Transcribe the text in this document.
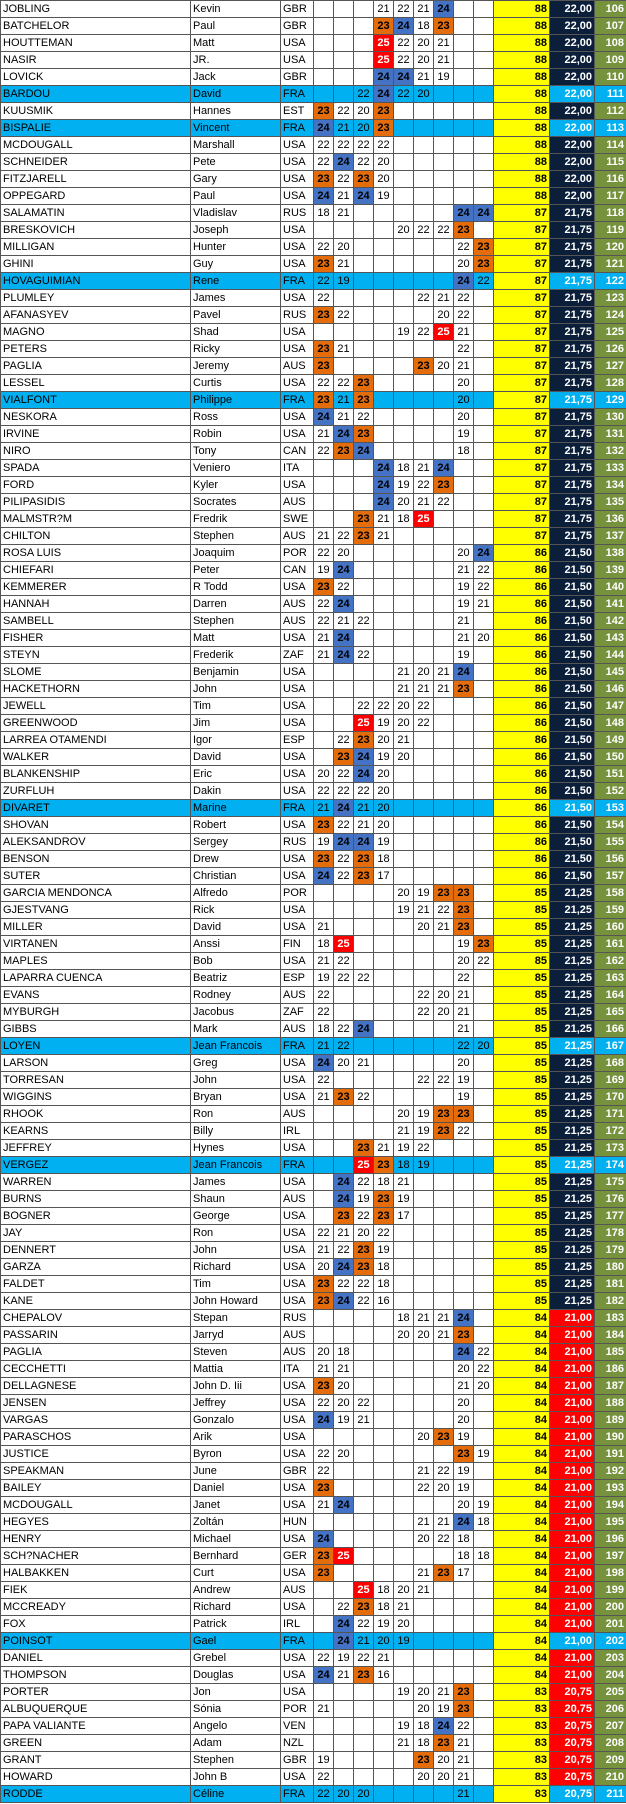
JOBLING	Kevin	GBR				21	22	21	24			88	22,00	106
BATCHELOR	Paul	GBR				23	24	18	23			88	22,00	107
HOUTTEMAN	Matt	USA				25	22	20	21			88	22,00	108
NASIR	JR.	USA				25	22	20	21			88	22,00	109
LOVICK	Jack	GBR				24	24	21	19			88	22,00	110
BARDOU	David	FRA			22	24	22	20				88	22,00	111
KUUSMIK	Hannes	EST	23	22	20	23						88	22,00	112
BISPALIE	Vincent	FRA	24	21	20	23						88	22,00	113
MCDOUGALL	Marshall	USA	22	22	22	22						88	22,00	114
SCHNEIDER	Pete	USA	22	24	22	20						88	22,00	115
FITZJARELL	Gary	USA	23	22	23	20						88	22,00	116
OPPEGARD	Paul	USA	24	21	24	19						88	22,00	117
SALAMATIN	Vladislav	RUS	18	21						24	24	87	21,75	118
BRESKOVICH	Joseph	USA					20	22	22	23		87	21,75	119
MILLIGAN	Hunter	USA	22	20						22	23	87	21,75	120
GHINI	Guy	USA	23	21						20	23	87	21,75	121
HOVAGUIMIAN	Rene	FRA	22	19						24	22	87	21,75	122
PLUMLEY	James	USA	22					22	21	22		87	21,75	123
AFANASYEV	Pavel	RUS	23	22					20	22		87	21,75	124
MAGNO	Shad	USA					19	22	25	21		87	21,75	125
PETERS	Ricky	USA	23	21						22		87	21,75	126
PAGLIA	Jeremy	AUS	23					23	20	21		87	21,75	127
LESSEL	Curtis	USA	22	22	23					20		87	21,75	128
VIALFONT	Philippe	FRA	23	21	23					20		87	21,75	129
NESKORA	Ross	USA	24	21	22					20		87	21,75	130
IRVINE	Robin	USA	21	24	23					19		87	21,75	131
NIRO	Tony	CAN	22	23	24					18		87	21,75	132
SPADA	Veniero	ITA				24	18	21	24			87	21,75	133
FORD	Kyler	USA				24	19	22	23			87	21,75	134
PILIPASIDIS	Socrates	AUS				24	20	21	22			87	21,75	135
MALMSTR?M	Fredrik	SWE			23	21	18	25				87	21,75	136
CHILTON	Stephen	AUS	21	22	23	21						87	21,75	137
ROSA LUIS	Joaquim	POR	22	20						20	24	86	21,50	138
CHIEFARI	Peter	CAN	19	24						21	22	86	21,50	139
KEMMERER	R Todd	USA	23	22						19	22	86	21,50	140
HANNAH	Darren	AUS	22	24						19	21	86	21,50	141
SAMBELL	Stephen	AUS	22	21	22					21		86	21,50	142
FISHER	Matt	USA	21	24						21	20	86	21,50	143
STEYN	Frederik	ZAF	21	24	22					19		86	21,50	144
SLOME	Benjamin	USA					21	20	21	24		86	21,50	145
HACKETHORN	John	USA					21	21	21	23		86	21,50	146
JEWELL	Tim	USA			22	22	20	22				86	21,50	147
GREENWOOD	Jim	USA			25	19	20	22				86	21,50	148
LARREA OTAMENDI	Igor	ESP		22	23	20	21					86	21,50	149
WALKER	David	USA		23	24	19	20					86	21,50	150
BLANKENSHIP	Eric	USA	20	22	24	20						86	21,50	151
ZURFLUH	Dakin	USA	22	22	22	20						86	21,50	152
DIVARET	Marine	FRA	21	24	21	20						86	21,50	153
SHOVAN	Robert	USA	23	22	21	20						86	21,50	154
ALEKSANDROV	Sergey	RUS	19	24	24	19						86	21,50	155
BENSON	Drew	USA	23	22	23	18						86	21,50	156
SUTER	Christian	USA	24	22	23	17						86	21,50	157
GARCIA MENDONCA	Alfredo	POR					20	19	23	23		85	21,25	158
GJESTVANG	Rick	USA					19	21	22	23		85	21,25	159
MILLER	David	USA	21					20	21	23		85	21,25	160
VIRTANEN	Anssi	FIN	18	25						19	23	85	21,25	161
MAPLES	Bob	USA	21	22						20	22	85	21,25	162
LAPARRA CUENCA	Beatriz	ESP	19	22	22					22		85	21,25	163
EVANS	Rodney	AUS	22					22	20	21		85	21,25	164
MYBURGH	Jacobus	ZAF	22					22	20	21		85	21,25	165
GIBBS	Mark	AUS	18	22	24					21		85	21,25	166
LOYEN	Jean Francois	FRA	21	22						22	20	85	21,25	167
LARSON	Greg	USA	24	20	21					20		85	21,25	168
TORRESAN	John	USA	22					22	22	19		85	21,25	169
WIGGINS	Bryan	USA	21	23	22					19		85	21,25	170
RHOOK	Ron	AUS					20	19	23	23		85	21,25	171
KEARNS	Billy	IRL					21	19	23	22		85	21,25	172
JEFFREY	Hynes	USA			23	21	19	22				85	21,25	173
VERGEZ	Jean Francois	FRA			25	23	18	19				85	21,25	174
WARREN	James	USA		24	22	18	21					85	21,25	175
BURNS	Shaun	AUS		24	19	23	19					85	21,25	176
BOGNER	George	USA		23	22	23	17					85	21,25	177
JAY	Ron	USA	22	21	20	22						85	21,25	178
DENNERT	John	USA	21	22	23	19						85	21,25	179
GARZA	Richard	USA	20	24	23	18						85	21,25	180
FALDET	Tim	USA	23	22	22	18						85	21,25	181
KANE	John Howard	USA	23	24	22	16						85	21,25	182
CHEPALOV	Stepan	RUS					18	21	21	24		84	21,00	183
PASSARIN	Jarryd	AUS					20	20	21	23		84	21,00	184
PAGLIA	Steven	AUS	20	18						24	22	84	21,00	185
CECCHETTI	Mattia	ITA	21	21						20	22	84	21,00	186
DELLAGNESE	John D. Iii	USA	23	20						21	20	84	21,00	187
JENSEN	Jeffrey	USA	22	20	22					20		84	21,00	188
VARGAS	Gonzalo	USA	24	19	21					20		84	21,00	189
PARASCHOS	Arik	USA						20	23	19		84	21,00	190
JUSTICE	Byron	USA	22	20						23	19	84	21,00	191
SPEAKMAN	June	GBR	22					21	22	19		84	21,00	192
BAILEY	Daniel	USA	23					22	20	19		84	21,00	193
MCDOUGALL	Janet	USA	21	24						20	19	84	21,00	194
HEGYES	Zoltán	HUN						21	21	24	18	84	21,00	195
HENRY	Michael	USA	24					20	22	18		84	21,00	196
SCH?NACHER	Bernhard	GER	23	25						18	18	84	21,00	197
HALBAKKEN	Curt	USA	23					21	23	17		84	21,00	198
FIEK	Andrew	AUS			25	18	20	21				84	21,00	199
MCCREADY	Richard	USA		22	23	18	21					84	21,00	200
FOX	Patrick	IRL		24	22	19	20					84	21,00	201
POINSOT	Gael	FRA		24	21	20	19					84	21,00	202
DANIEL	Grebel	USA	22	19	22	21						84	21,00	203
THOMPSON	Douglas	USA	24	21	23	16						84	21,00	204
PORTER	Jon	USA					19	20	21	23		83	20,75	205
ALBUQUERQUE	Sónia	POR	21					20	19	23		83	20,75	206
PAPA VALIANTE	Angelo	VEN					19	18	24	22		83	20,75	207
GREEN	Adam	NZL					21	18	23	21		83	20,75	208
GRANT	Stephen	GBR	19					23	20	21		83	20,75	209
HOWARD	John B	USA	22					20	20	21		83	20,75	210
RODDE	Céline	FRA	22	20	20					21		83	20,75	211
